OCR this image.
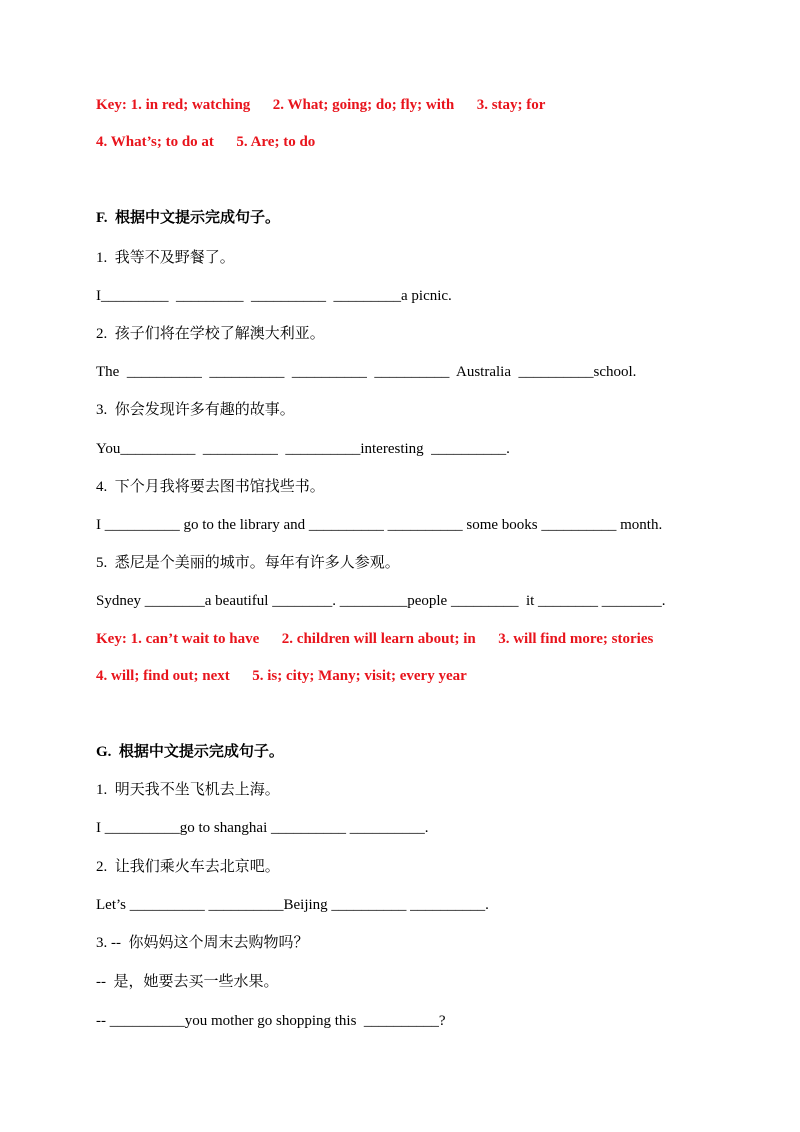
Key: 1. in red; watching      2. What; going; do; fly; with      3. stay; for
4. What’s; to do at      5. Are; to do
F.  根据中文提示完成句子。
1.  我等不及野餐了。
I_________  _________  __________  _________a picnic.
2.  孩子们将在学校了解澳大利亚。
The  __________  __________  __________  __________  Australia  __________school.
3.  你会发现许多有趣的故事。
You__________  __________  __________interesting  __________.
4.  下个月我将要去图书馆找些书。
I __________ go to the library and __________ __________ some books __________ month.
5.  悉尼是个美丽的城市。每年有许多人参观。
Sydney ________a beautiful ________. _________people _________  it ________ ________.
Key: 1. can’t wait to have      2. children will learn about; in      3. will find more; stories
4. will; find out; next      5. is; city; Many; visit; every year
G.  根据中文提示完成句子。
1.  明天我不坐飞机去上海。
I __________go to shanghai __________ __________.
2.  让我们乘火车去北京吧。
Let’s __________ __________Beijing __________ __________.
3. --  你妈妈这个周末去购物吗？
--  是，她要去买一些水果。
-- __________you mother go shopping this  __________?
